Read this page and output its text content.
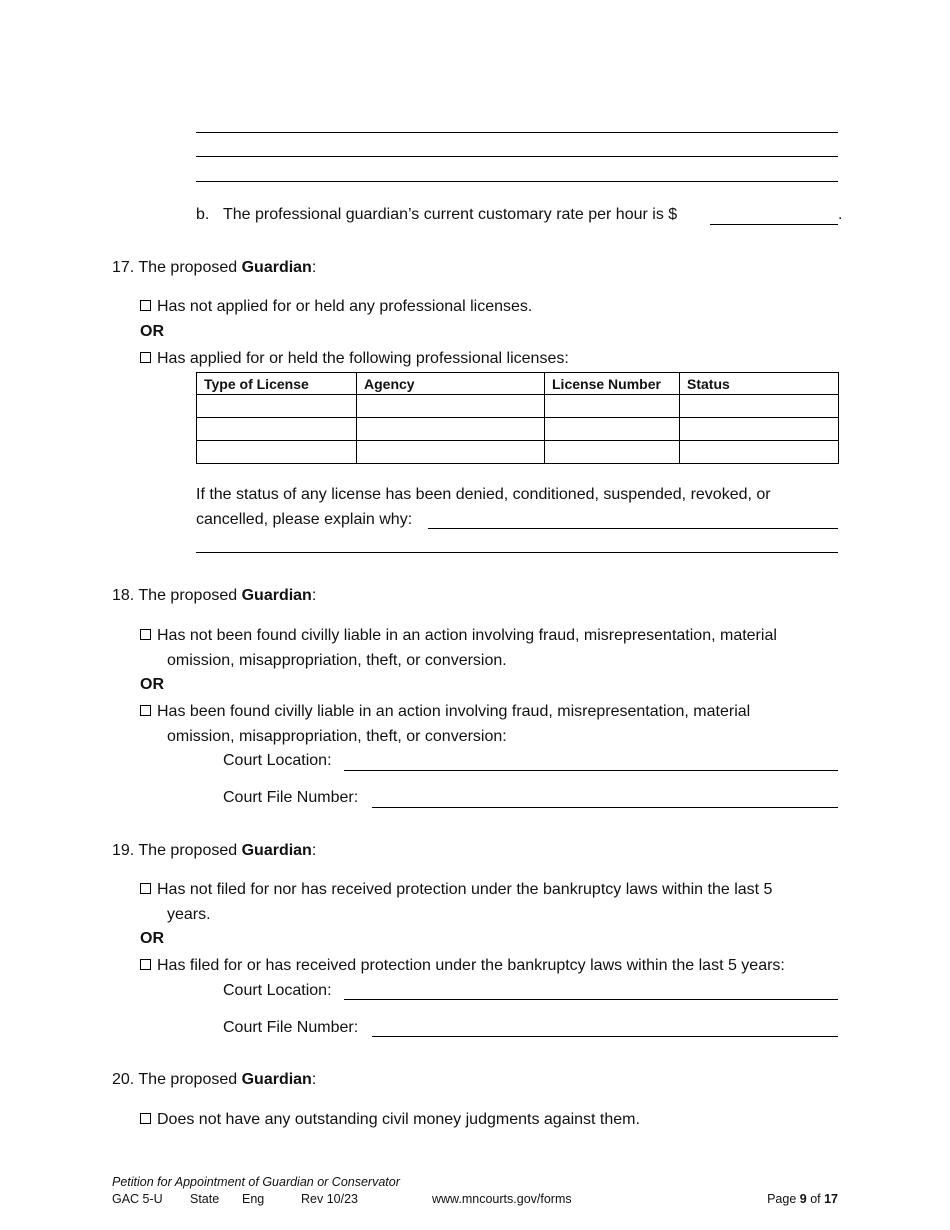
b. The professional guardian’s current customary rate per hour is $	.
17. The proposed Guardian:
Has not applied for or held any professional licenses.
OR
Has applied for or held the following professional licenses:
Type of License	Agency	License Number	Status

If the status of any license has been denied, conditioned, suspended, revoked, or
cancelled, please explain why:
18. The proposed Guardian:
Has not been found civilly liable in an action involving fraud, misrepresentation, material
omission, misappropriation, theft, or conversion.
OR
Has been found civilly liable in an action involving fraud, misrepresentation, material
omission, misappropriation, theft, or conversion:
Court Location:
Court File Number:
19. The proposed Guardian:
Has not filed for nor has received protection under the bankruptcy laws within the last 5
years.
OR
Has filed for or has received protection under the bankruptcy laws within the last 5 years:
Court Location:
Court File Number:
20. The proposed Guardian:
Does not have any outstanding civil money judgments against them.
Petition for Appointment of Guardian or Conservator
GAC 5-U State Eng	Rev 10/23	www.mncourts.gov/forms	Page 9 of 17
